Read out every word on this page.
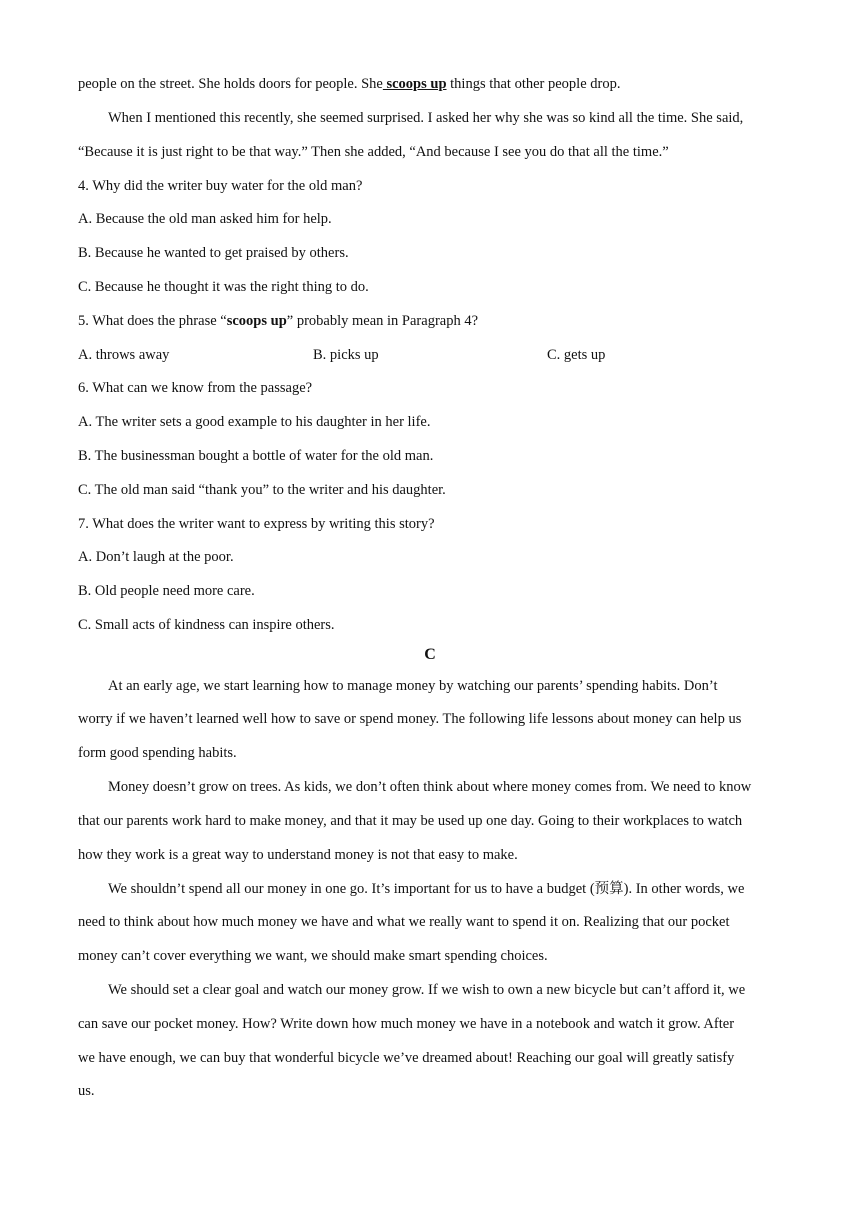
people on the street. She holds doors for people. She scoops up things that other people drop.
When I mentioned this recently, she seemed surprised. I asked her why she was so kind all the time. She said,
“Because it is just right to be that way.” Then she added, “And because I see you do that all the time.”
4. Why did the writer buy water for the old man?
A. Because the old man asked him for help.
B. Because he wanted to get praised by others.
C. Because he thought it was the right thing to do.
5. What does the phrase “scoops up” probably mean in Paragraph 4?
A. throws away	B. picks up	C. gets up
6. What can we know from the passage?
A. The writer sets a good example to his daughter in her life.
B. The businessman bought a bottle of water for the old man.
C. The old man said “thank you” to the writer and his daughter.
7. What does the writer want to express by writing this story?
A. Don’t laugh at the poor.
B. Old people need more care.
C. Small acts of kindness can inspire others.
C
At an early age, we start learning how to manage money by watching our parents’ spending habits. Don’t
worry if we haven’t learned well how to save or spend money. The following life lessons about money can help us
form good spending habits.
Money doesn’t grow on trees. As kids, we don’t often think about where money comes from. We need to know
that our parents work hard to make money, and that it may be used up one day. Going to their workplaces to watch
how they work is a great way to understand money is not that easy to make.
We shouldn’t spend all our money in one go. It’s important for us to have a budget (预算). In other words, we
need to think about how much money we have and what we really want to spend it on. Realizing that our pocket
money can’t cover everything we want, we should make smart spending choices.
We should set a clear goal and watch our money grow. If we wish to own a new bicycle but can’t afford it, we
can save our pocket money. How? Write down how much money we have in a notebook and watch it grow. After
we have enough, we can buy that wonderful bicycle we’ve dreamed about! Reaching our goal will greatly satisfy
us.
